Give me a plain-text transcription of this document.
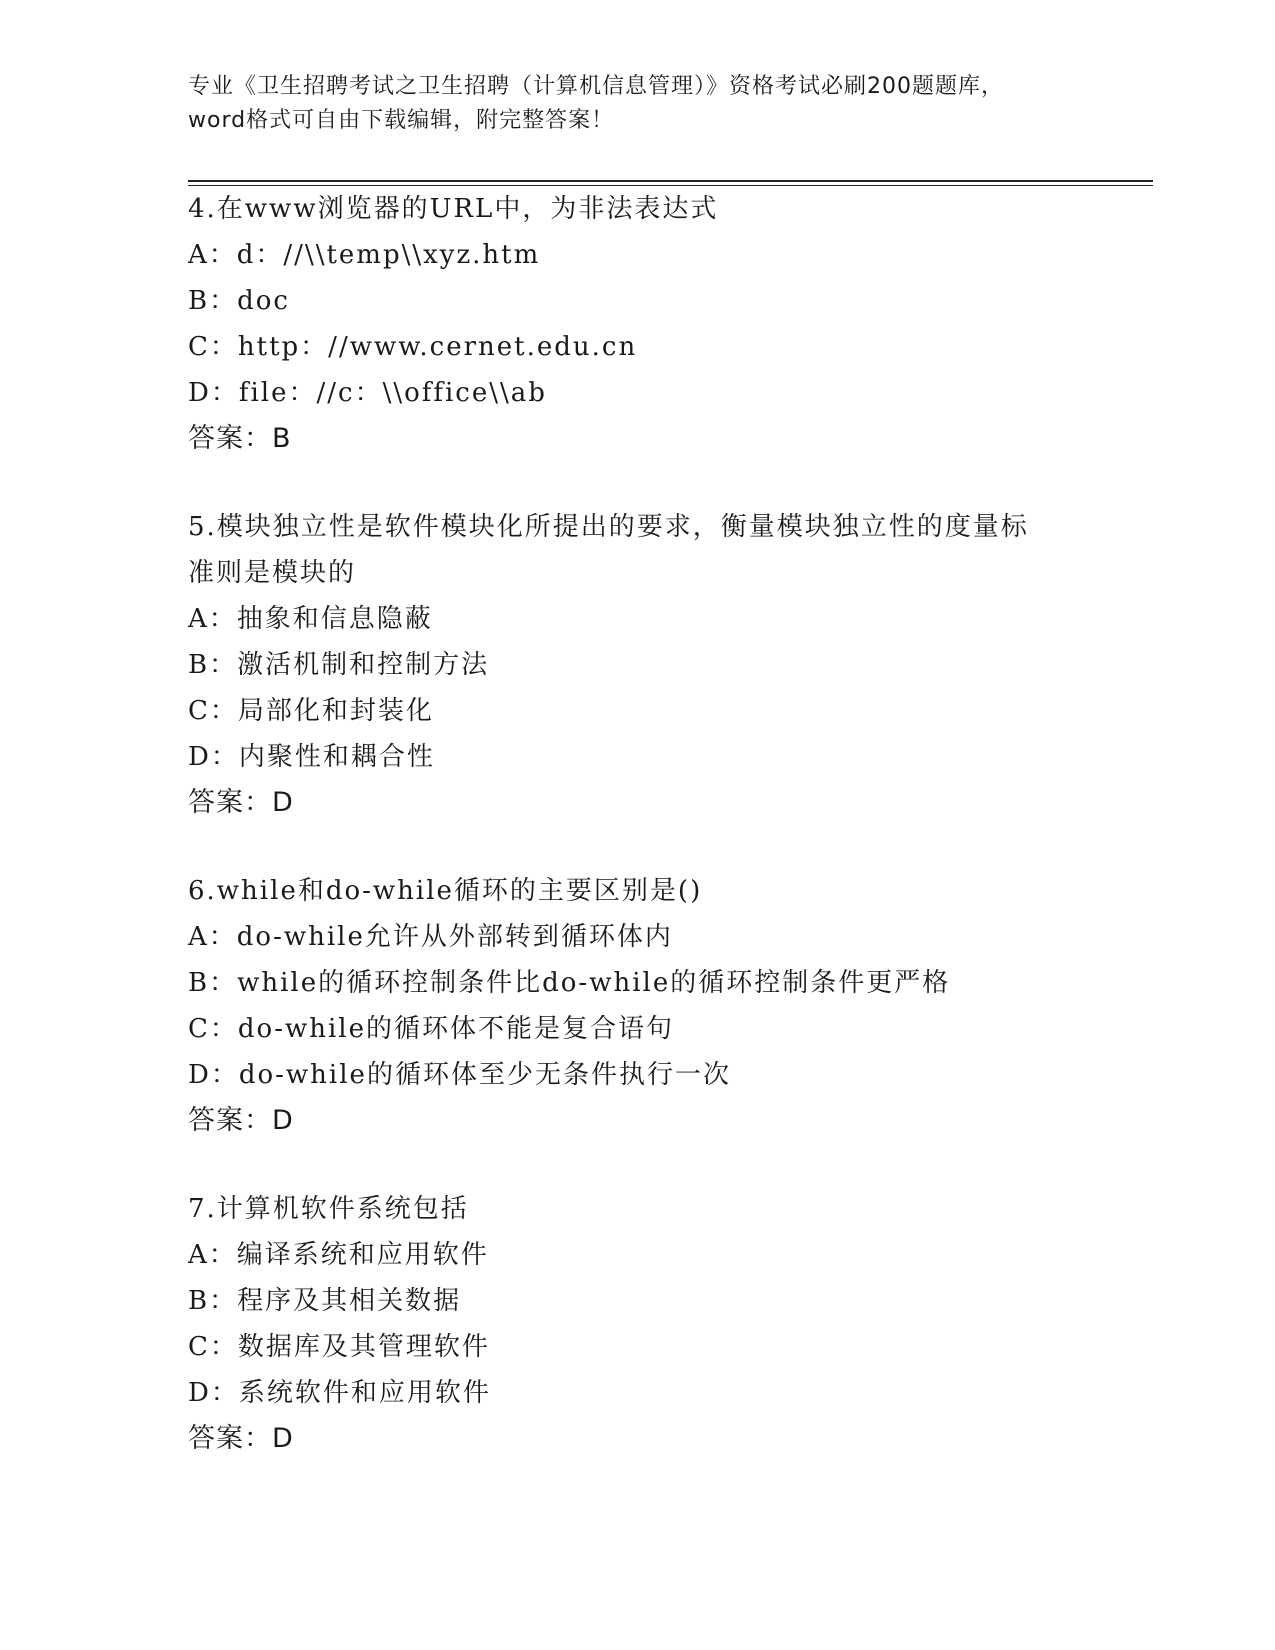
专业《卫生招聘考试之卫生招聘（计算机信息管理）》资格考试必刷200题题库，
word格式可自由下载编辑，附完整答案！
4.在www浏览器的URL中，为非法表达式
A：d：//\\temp\\xyz.htm
B：doc
C：http：//www.cernet.edu.cn
D：file：//c：\\office\\ab
答案：B
5.模块独立性是软件模块化所提出的要求，衡量模块独立性的度量标
准则是模块的
A：抽象和信息隐蔽
B：激活机制和控制方法
C：局部化和封装化
D：内聚性和耦合性
答案：D
6.while和do-while循环的主要区别是()
A：do-while允许从外部转到循环体内
B：while的循环控制条件比do-while的循环控制条件更严格
C：do-while的循环体不能是复合语句
D：do-while的循环体至少无条件执行一次
答案：D
7.计算机软件系统包括
A：编译系统和应用软件
B：程序及其相关数据
C：数据库及其管理软件
D：系统软件和应用软件
答案：D
